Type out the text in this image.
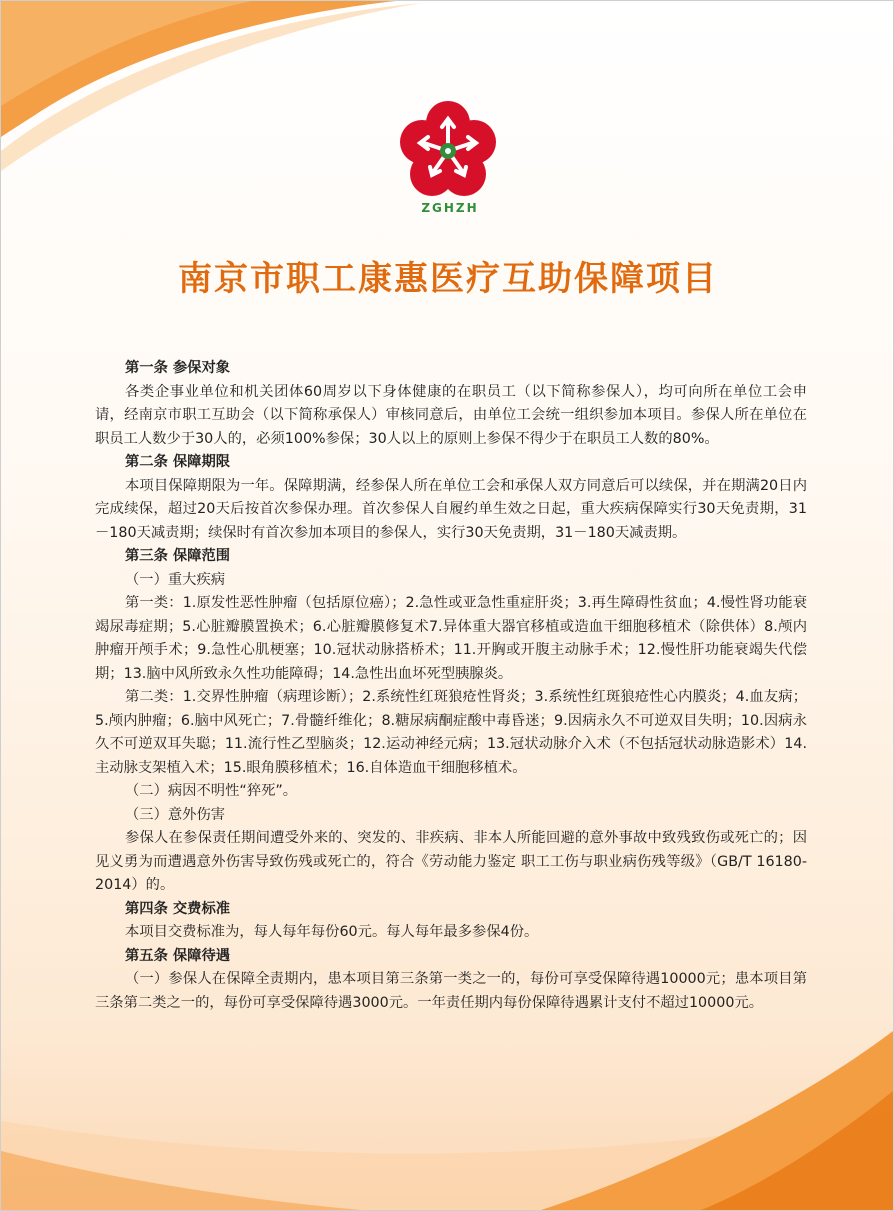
ZGHZH
南京市职工康惠医疗互助保障项目

第一条 参保对象

各类企事业单位和机关团体60周岁以下身体健康的在职员工（以下简称参保人），均可向所在单位工会申请，经南京市职工互助会（以下简称承保人）审核同意后，由单位工会统一组织参加本项目。参保人所在单位在职员工人数少于30人的，必须100%参保；30人以上的原则上参保不得少于在职员工人数的80%。

第二条 保障期限

本项目保障期限为一年。保障期满，经参保人所在单位工会和承保人双方同意后可以续保，并在期满20日内完成续保，超过20天后按首次参保办理。首次参保人自履约单生效之日起，重大疾病保障实行30天免责期，31－180天减责期；续保时有首次参加本项目的参保人，实行30天免责期，31－180天减责期。

第三条 保障范围

（一）重大疾病

第一类：1.原发性恶性肿瘤（包括原位癌）；2.急性或亚急性重症肝炎；3.再生障碍性贫血；4.慢性肾功能衰竭尿毒症期；5.心脏瓣膜置换术；6.心脏瓣膜修复术7.异体重大器官移植或造血干细胞移植术（除供体）8.颅内肿瘤开颅手术；9.急性心肌梗塞；10.冠状动脉搭桥术；11.开胸或开腹主动脉手术；12.慢性肝功能衰竭失代偿期；13.脑中风所致永久性功能障碍；14.急性出血坏死型胰腺炎。

第二类：1.交界性肿瘤（病理诊断）；2.系统性红斑狼疮性肾炎；3.系统性红斑狼疮性心内膜炎；4.血友病；5.颅内肿瘤；6.脑中风死亡；7.骨髓纤维化；8.糖尿病酮症酸中毒昏迷；9.因病永久不可逆双目失明；10.因病永久不可逆双耳失聪；11.流行性乙型脑炎；12.运动神经元病；13.冠状动脉介入术（不包括冠状动脉造影术）14.主动脉支架植入术；15.眼角膜移植术；16.自体造血干细胞移植术。

（二）病因不明性“猝死”。

（三）意外伤害

参保人在参保责任期间遭受外来的、突发的、非疾病、非本人所能回避的意外事故中致残致伤或死亡的；因见义勇为而遭遇意外伤害导致伤残或死亡的，符合《劳动能力鉴定 职工工伤与职业病伤残等级》（GB/T 16180-2014）的。

第四条 交费标准

本项目交费标准为，每人每年每份60元。每人每年最多参保4份。

第五条 保障待遇

（一）参保人在保障全责期内，患本项目第三条第一类之一的，每份可享受保障待遇10000元；患本项目第三条第二类之一的，每份可享受保障待遇3000元。一年责任期内每份保障待遇累计支付不超过10000元。
